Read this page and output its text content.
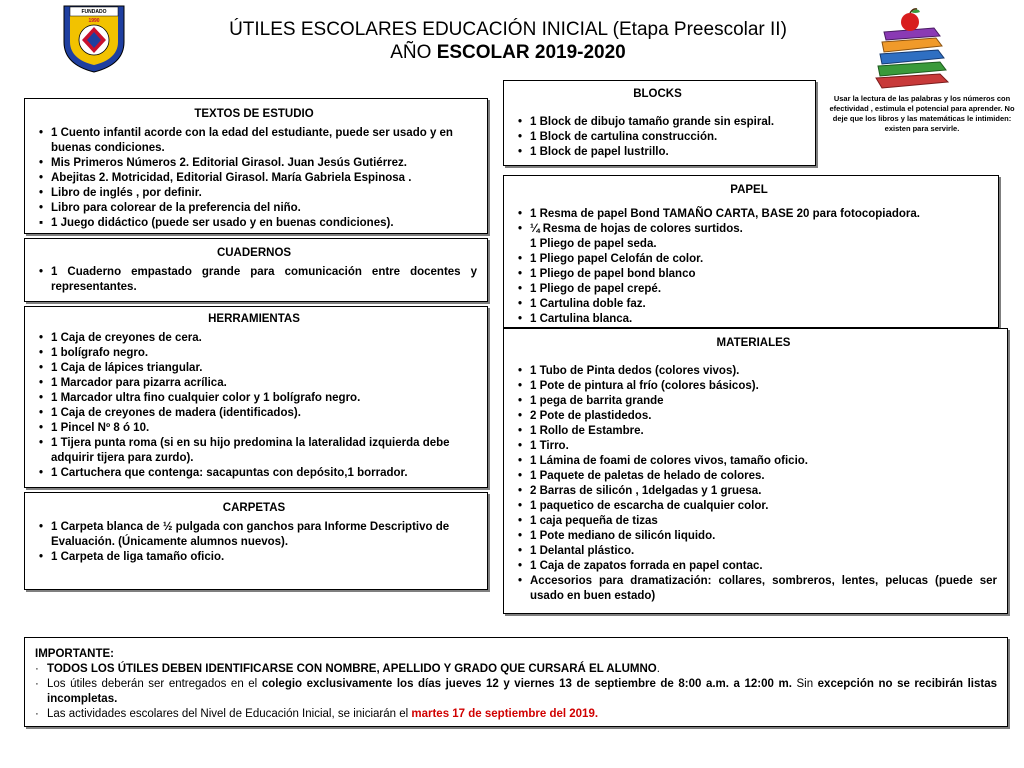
FUNDADO
1990	ÚTILES ESCOLARES EDUCACIÓN INICIAL (Etapa Preescolar II)
AÑO ESCOLAR 2019-2020
Usar la lectura de las palabras y los números con efectividad , estimula el potencial para aprender. No deje que los libros y las matemáticas le intimiden: existen para servirle.
TEXTOS DE ESTUDIO
• 1 Cuento infantil acorde con la edad del estudiante, puede ser usado y en buenas condiciones.
• Mis Primeros Números 2. Editorial Girasol. Juan Jesús Gutiérrez.
• Abejitas 2. Motricidad, Editorial Girasol. María Gabriela Espinosa .
• Libro de inglés , por definir.
• Libro para colorear de la preferencia del niño.
▪ 1 Juego didáctico (puede ser usado y en buenas condiciones).
CUADERNOS
• 1 Cuaderno empastado grande para comunicación entre docentes y representantes.
HERRAMIENTAS
• 1 Caja de creyones de cera.
• 1 bolígrafo negro.
• 1 Caja de lápices triangular.
• 1 Marcador para pizarra acrílica.
• 1 Marcador ultra fino cualquier color y 1 bolígrafo negro.
• 1 Caja de creyones de madera (identificados).
• 1 Pincel Nº 8 ó 10.
• 1 Tijera punta roma (si en su hijo predomina la lateralidad izquierda debe adquirir tijera para zurdo).
• 1 Cartuchera que contenga: sacapuntas con depósito,1 borrador.
CARPETAS
• 1 Carpeta blanca de ½ pulgada con ganchos para Informe Descriptivo de Evaluación. (Únicamente alumnos nuevos).
• 1 Carpeta de liga tamaño oficio.
BLOCKS
• 1 Block de dibujo tamaño grande sin espiral.
• 1 Block de cartulina construcción.
• 1 Block de papel lustrillo.
PAPEL
• 1 Resma de papel Bond TAMAÑO CARTA, BASE 20 para fotocopiadora.
• ¼ Resma de hojas de colores surtidos.
1 Pliego de papel seda.
• 1 Pliego papel Celofán de color.
• 1 Pliego de papel bond blanco
• 1 Pliego de papel crepé.
• 1 Cartulina doble faz.
• 1 Cartulina blanca.
MATERIALES
• 1 Tubo de Pinta dedos (colores vivos).
• 1 Pote de pintura al frío (colores básicos).
• 1 pega de barrita grande
• 2 Pote de plastidedos.
• 1 Rollo de Estambre.
• 1 Tirro.
• 1 Lámina de foami de colores vivos, tamaño oficio.
• 1 Paquete de paletas de helado de colores.
• 2 Barras de silicón , 1delgadas y 1 gruesa.
• 1 paquetico de escarcha de cualquier color.
• 1 caja pequeña de tizas
• 1 Pote mediano de silicón liquido.
• 1 Delantal plástico.
• 1 Caja de zapatos forrada en papel contac.
• Accesorios para dramatización: collares, sombreros, lentes, pelucas (puede ser usado en buen estado)
IMPORTANTE:
· TODOS LOS ÚTILES DEBEN IDENTIFICARSE CON NOMBRE, APELLIDO Y GRADO QUE CURSARÁ EL ALUMNO.
· Los útiles deberán ser entregados en el colegio exclusivamente los días jueves 12 y viernes 13 de septiembre de 8:00 a.m. a 12:00 m. Sin excepción no se recibirán listas incompletas.
· Las actividades escolares del Nivel de Educación Inicial, se iniciarán el martes 17 de septiembre del 2019.
